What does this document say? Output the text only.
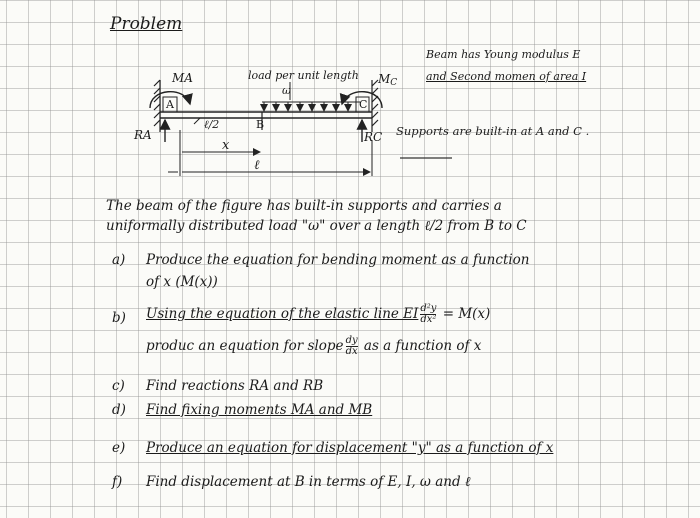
Problem
MA	load per unit length
ω
MC
A	C
ℓ/2	B
RA	RC
x
ℓ
Beam has Young modulus E
and Second momen of area I
Supports are built-in at A and C .
The beam of the figure has built-in supports and carries a
uniformally distributed load "ω" over a length ℓ/2 from B to C
a) Produce the equation for bending moment as a function
of x (M(x))
b) Using the equation of the elastic line EI $\frac{\text{d²y}}{\text{dx²}} = M(x)$
produc an equation for slope $\frac{dy}{dx}$ as a function of x
c) Find reactions RA and RB
d) Find fixing moments MA and MB
e) Produce an equation for displacement "y" as a function of x
f) Find displacement at B in terms of E, I, ω and ℓ
